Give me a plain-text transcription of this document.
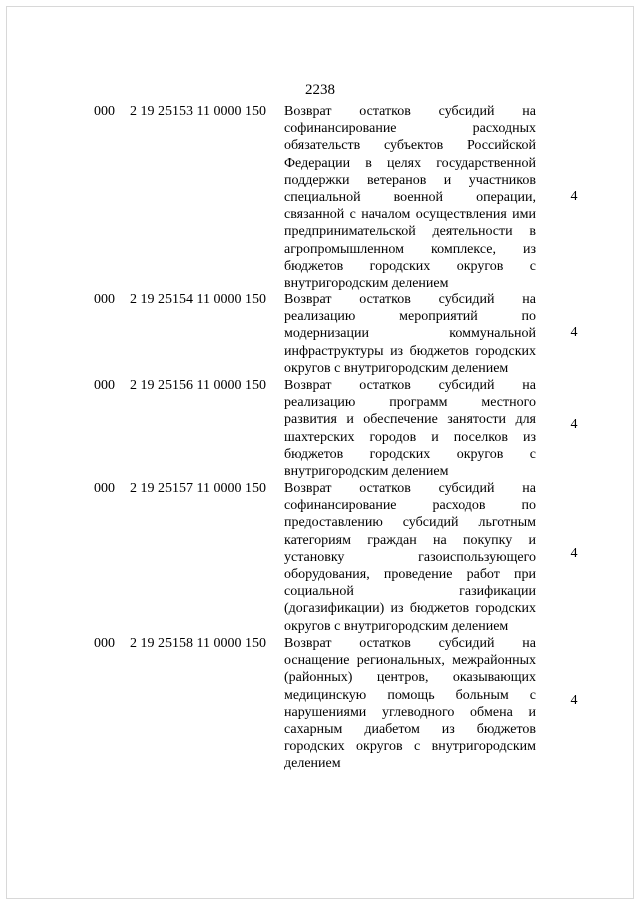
2238
000	2 19 25153 11 0000 150	Возврат остатков субсидий на
софинансирование расходных
обязательств субъектов Российской
Федерации в целях государственной
поддержки ветеранов и участников
специальной военной операции,
связанной с началом осуществления ими
предпринимательской деятельности в
агропромышленном комплексе, из
бюджетов городских округов с
внутригородским делением
4
000	2 19 25154 11 0000 150	Возврат остатков субсидий на
реализацию мероприятий по
модернизации коммунальной
инфраструктуры из бюджетов городских
округов с внутригородским делением
4
000	2 19 25156 11 0000 150	Возврат остатков субсидий на
реализацию программ местного
развития и обеспечение занятости для
шахтерских городов и поселков из
бюджетов городских округов с
внутригородским делением
4
000	2 19 25157 11 0000 150	Возврат остатков субсидий на
софинансирование расходов по
предоставлению субсидий льготным
категориям граждан на покупку и
установку газоиспользующего
оборудования, проведение работ при
социальной газификации
(догазификации) из бюджетов городских
округов с внутригородским делением
4
000	2 19 25158 11 0000 150	Возврат остатков субсидий на
оснащение региональных, межрайонных
(районных) центров, оказывающих
медицинскую помощь больным с
нарушениями углеводного обмена и
сахарным диабетом из бюджетов
городских округов с внутригородским
делением
4
